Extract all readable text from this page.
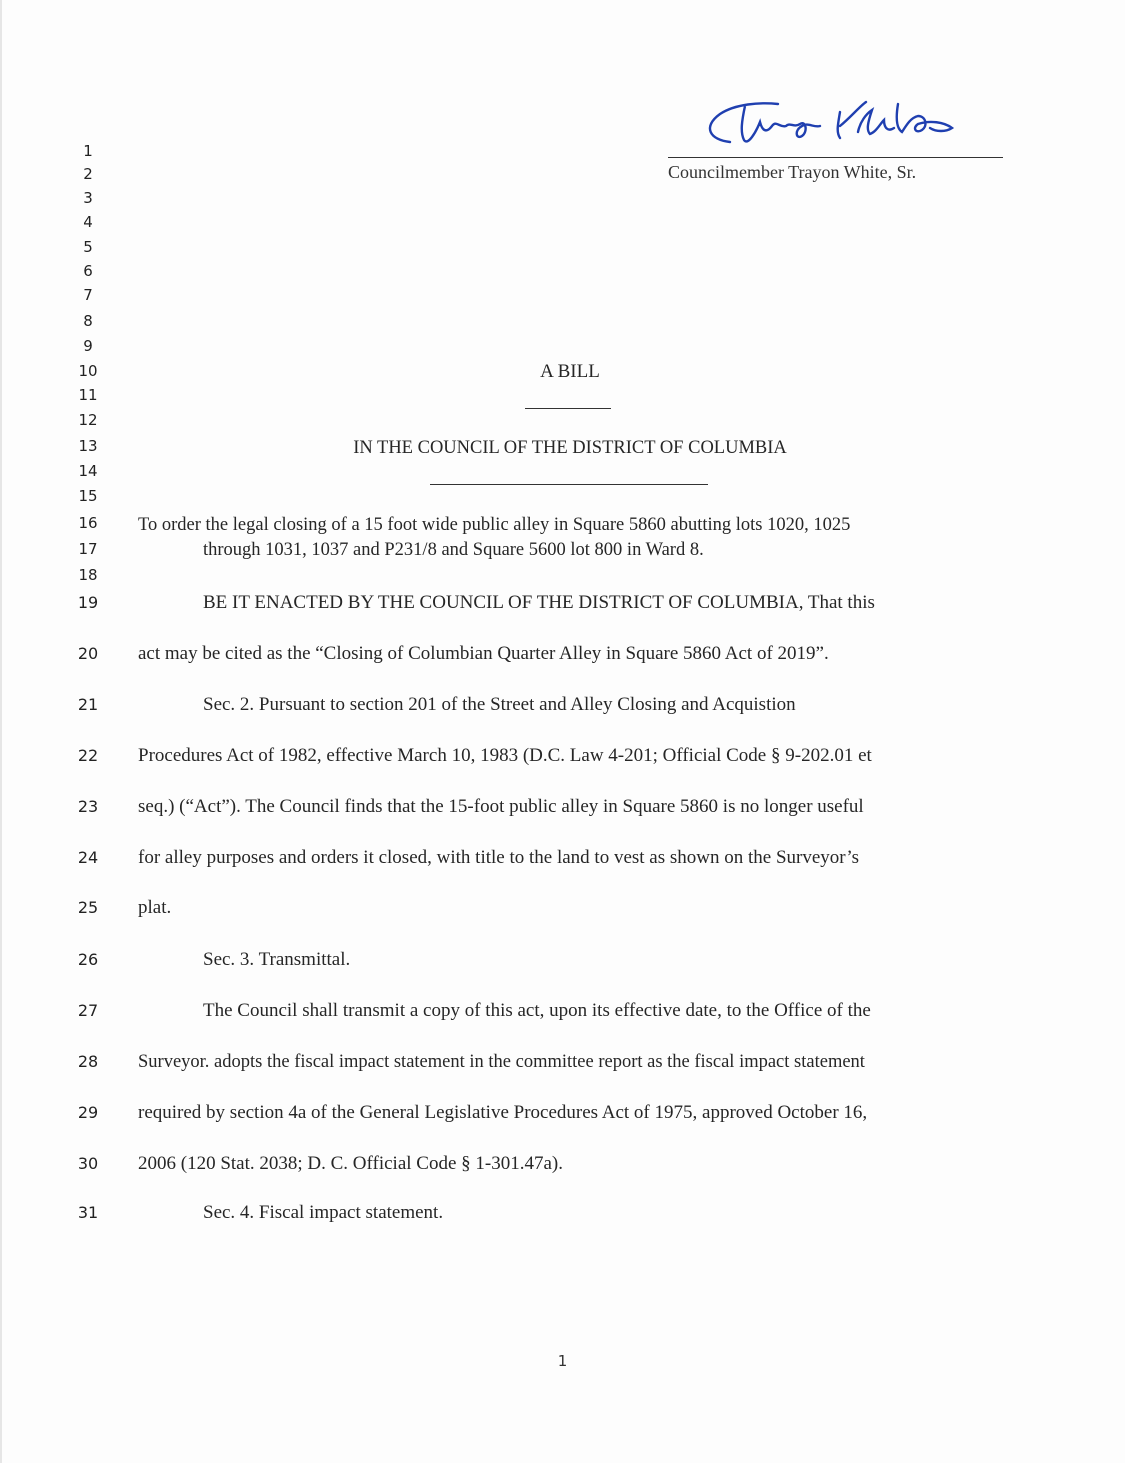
Councilmember Trayon White, Sr.
1
2
3
4
5
6
7
8
9
10
11
12
13
14
15
16
17
18
19
20
21
22
23
24
25
26
27
28
29
30
31
A BILL
IN THE COUNCIL OF THE DISTRICT OF COLUMBIA
To order the legal closing of a 15 foot wide public alley in Square 5860 abutting lots 1020, 1025
through 1031, 1037 and P231/8 and Square 5600 lot 800 in Ward 8.
BE IT ENACTED BY THE COUNCIL OF THE DISTRICT OF COLUMBIA, That this
act may be cited as the “Closing of Columbian Quarter Alley in Square 5860 Act of 2019”.
Sec. 2. Pursuant to section 201 of the Street and Alley Closing and Acquistion
Procedures Act of 1982, effective March 10, 1983 (D.C. Law 4-201; Official Code § 9-202.01 et
seq.) (“Act”). The Council finds that the 15-foot public alley in Square 5860 is no longer useful
for alley purposes and orders it closed, with title to the land to vest as shown on the Surveyor’s
plat.
Sec. 3. Transmittal.
The Council shall transmit a copy of this act, upon its effective date, to the Office of the
Surveyor. adopts the fiscal impact statement in the committee report as the fiscal impact statement
required by section 4a of the General Legislative Procedures Act of 1975, approved October 16,
2006 (120 Stat. 2038; D. C. Official Code § 1-301.47a).
Sec. 4. Fiscal impact statement.
1
